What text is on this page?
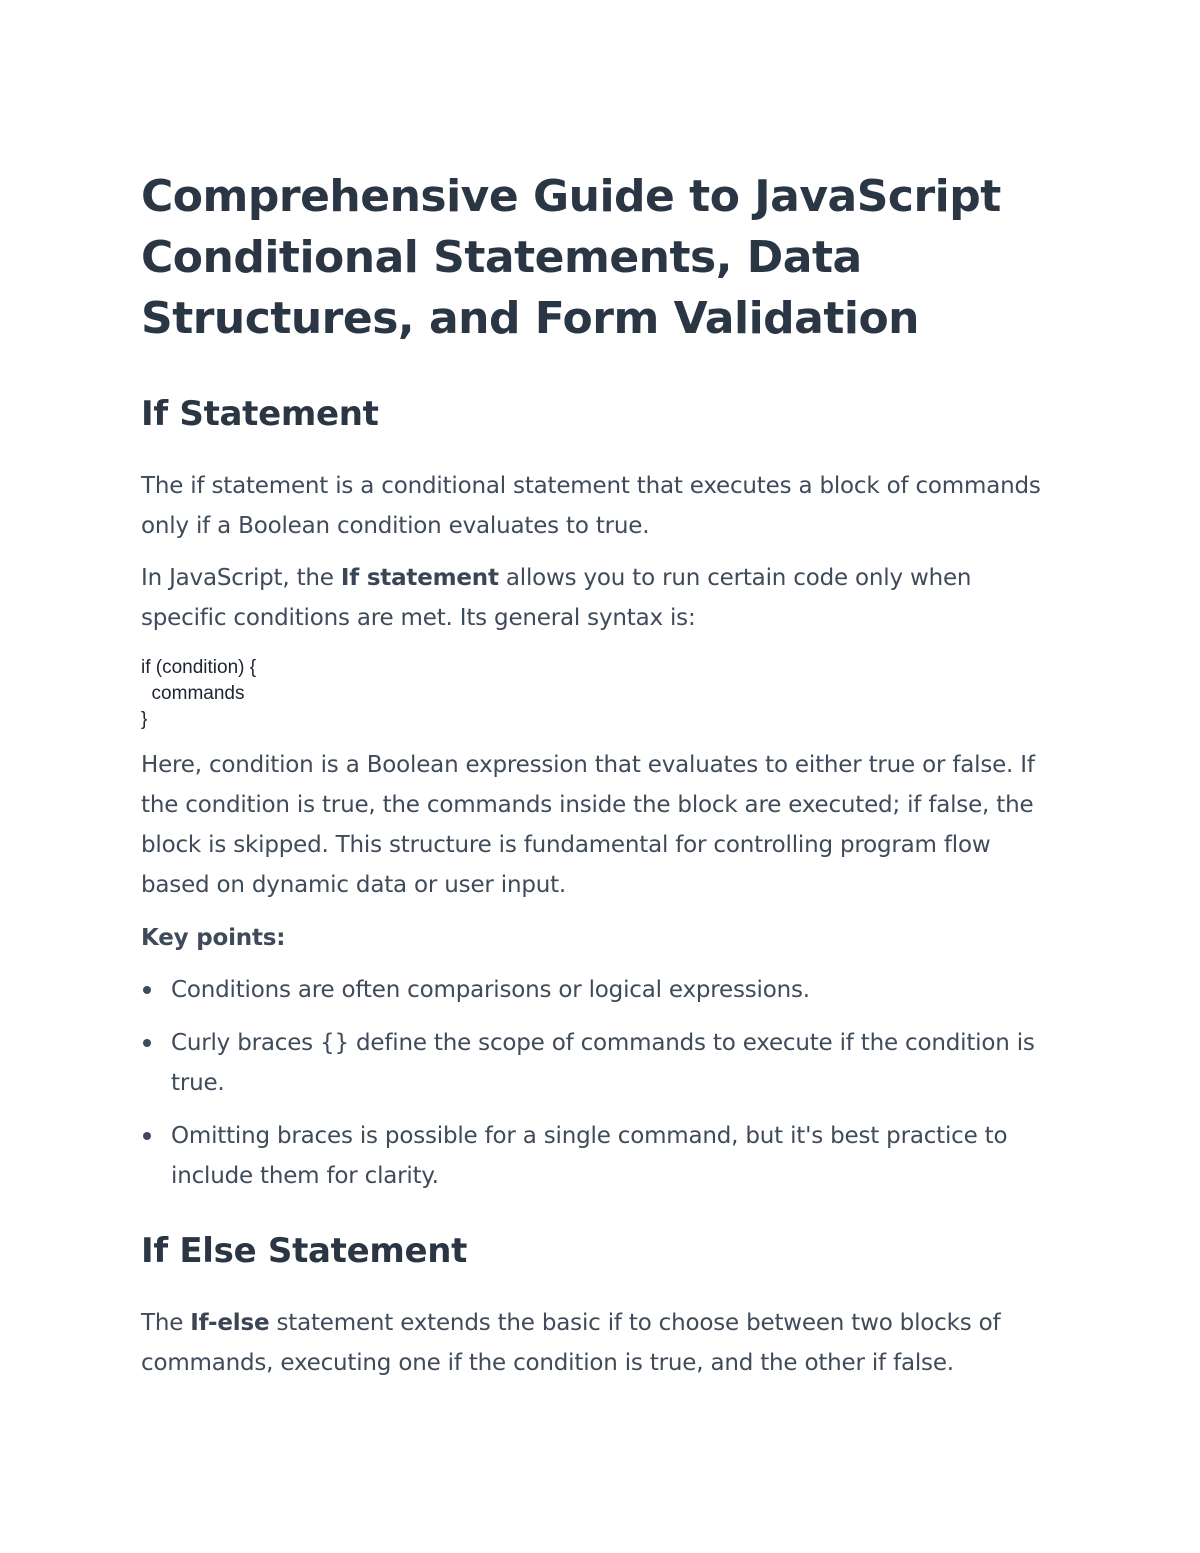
Comprehensive Guide to JavaScript Conditional Statements, Data Structures, and Form Validation
If Statement

The if statement is a conditional statement that executes a block of commands only if a Boolean condition evaluates to true.

In JavaScript, the If statement allows you to run certain code only when specific conditions are met. Its general syntax is:

if (condition) {
commands
}

Here, condition is a Boolean expression that evaluates to either true or false. If the condition is true, the commands inside the block are executed; if false, the block is skipped. This structure is fundamental for controlling program flow based on dynamic data or user input.

Key points:

Conditions are often comparisons or logical expressions.
Curly braces {} define the scope of commands to execute if the condition is true.
Omitting braces is possible for a single command, but it's best practice to include them for clarity.
If Else Statement

The If-else statement extends the basic if to choose between two blocks of commands, executing one if the condition is true, and the other if false.
